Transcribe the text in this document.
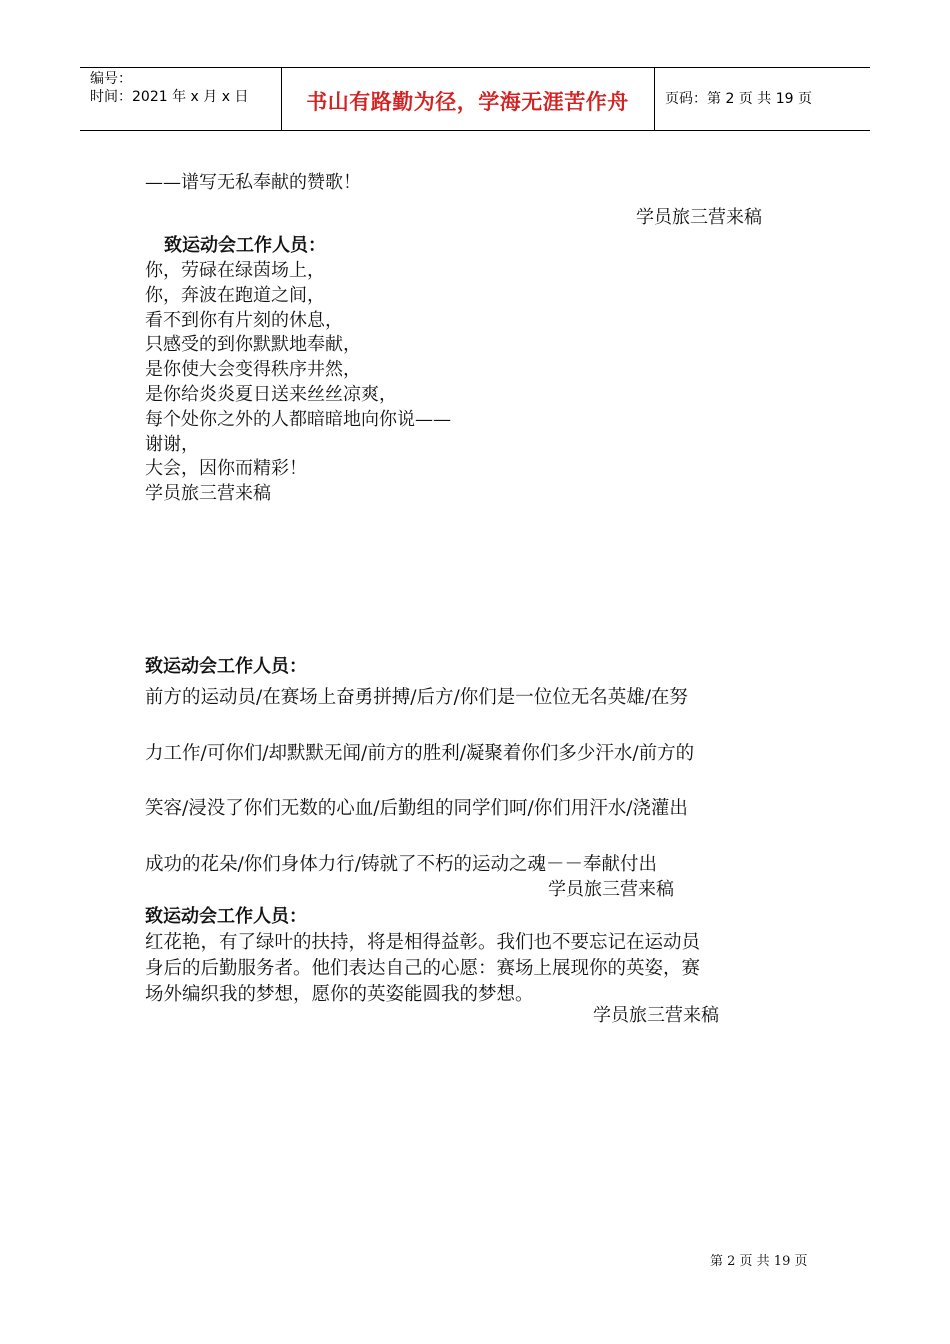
编号：
时间：2021 年 x 月 x 日	书山有路勤为径，学海无涯苦作舟	页码：第 2 页 共 19 页
——谱写无私奉献的赞歌！
学员旅三营来稿
致运动会工作人员：
你，劳碌在绿茵场上，
你，奔波在跑道之间，
看不到你有片刻的休息，
只感受的到你默默地奉献，
是你使大会变得秩序井然，
是你给炎炎夏日送来丝丝凉爽，
每个处你之外的人都暗暗地向你说——
谢谢，
大会，因你而精彩！
学员旅三营来稿
致运动会工作人员：
前方的运动员/在赛场上奋勇拼搏/后方/你们是一位位无名英雄/在努
力工作/可你们/却默默无闻/前方的胜利/凝聚着你们多少汗水/前方的
笑容/浸没了你们无数的心血/后勤组的同学们呵/你们用汗水/浇灌出
成功的花朵/你们身体力行/铸就了不朽的运动之魂－－奉献付出
学员旅三营来稿
致运动会工作人员：
红花艳，有了绿叶的扶持，将是相得益彰。我们也不要忘记在运动员
身后的后勤服务者。他们表达自己的心愿：赛场上展现你的英姿，赛
场外编织我的梦想，愿你的英姿能圆我的梦想。
学员旅三营来稿
第 2 页 共 19 页
